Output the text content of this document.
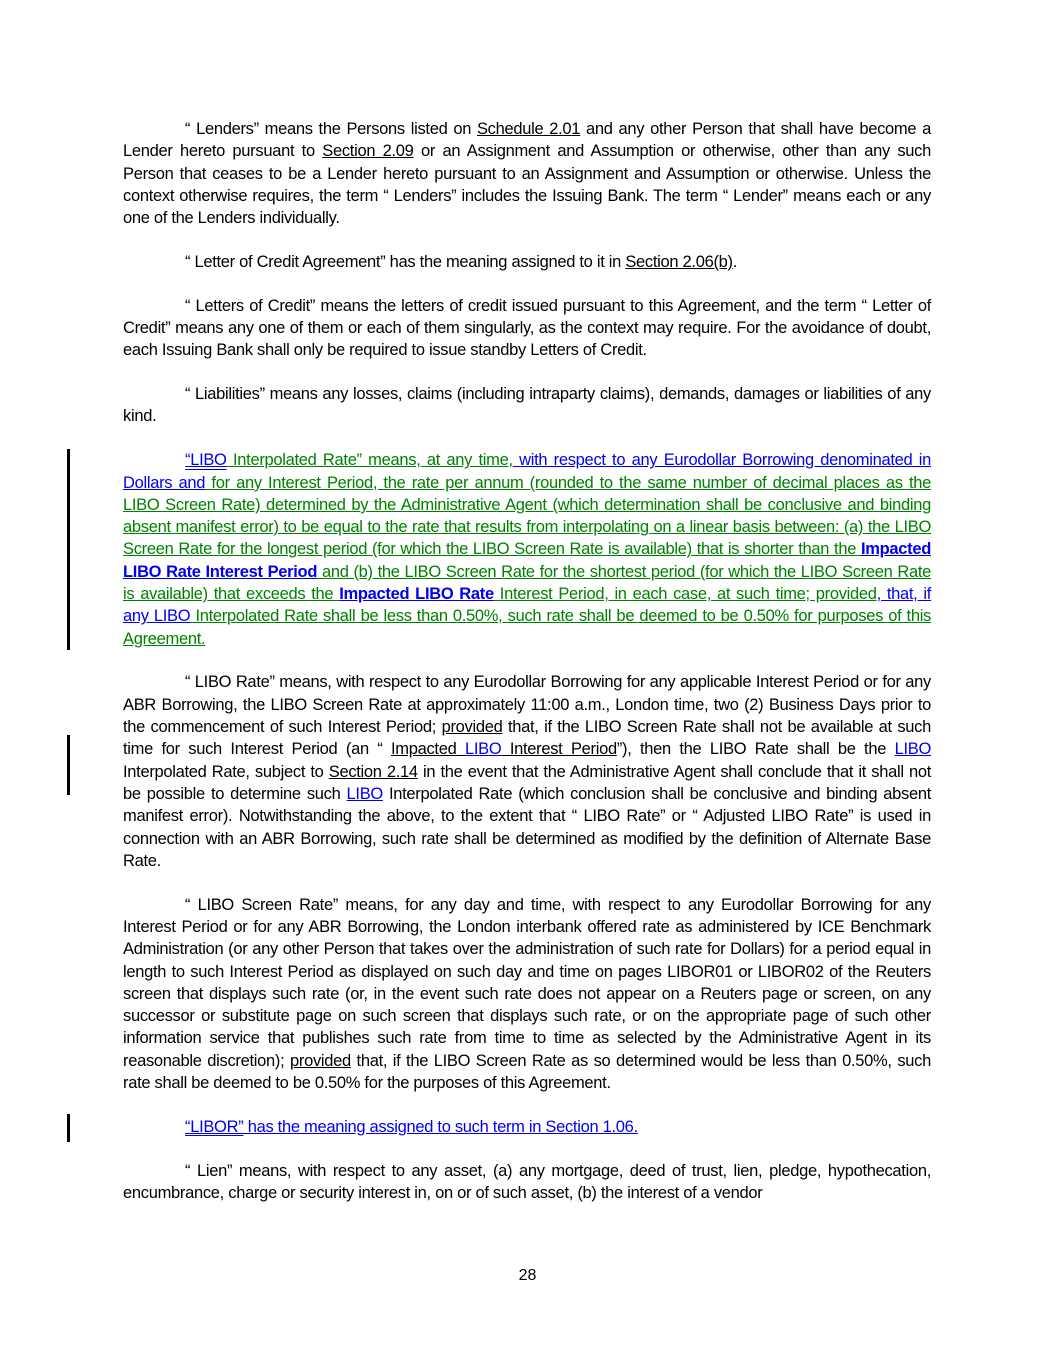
“ Lenders” means the Persons listed on Schedule 2.01 and any other Person that shall have become a Lender hereto pursuant to Section 2.09 or an Assignment and Assumption or otherwise, other than any such Person that ceases to be a Lender hereto pursuant to an Assignment and Assumption or otherwise. Unless the context otherwise requires, the term “ Lenders” includes the Issuing Bank. The term “ Lender” means each or any one of the Lenders individually.

“ Letter of Credit Agreement” has the meaning assigned to it in Section 2.06(b).

“ Letters of Credit” means the letters of credit issued pursuant to this Agreement, and the term “ Letter of Credit” means any one of them or each of them singularly, as the context may require. For the avoidance of doubt, each Issuing Bank shall only be required to issue standby Letters of Credit.

“ Liabilities” means any losses, claims (including intraparty claims), demands, damages or liabilities of any kind.

“LIBO Interpolated Rate” means, at any time, with respect to any Eurodollar Borrowing denominated in Dollars and for any Interest Period, the rate per annum (rounded to the same number of decimal places as the LIBO Screen Rate) determined by the Administrative Agent (which determination shall be conclusive and binding absent manifest error) to be equal to the rate that results from interpolating on a linear basis between: (a) the LIBO Screen Rate for the longest period (for which the LIBO Screen Rate is available) that is shorter than the Impacted LIBO Rate Interest Period and (b) the LIBO Screen Rate for the shortest period (for which the LIBO Screen Rate is available) that exceeds the Impacted LIBO Rate Interest Period, in each case, at such time; provided, that, if any LIBO Interpolated Rate shall be less than 0.50%, such rate shall be deemed to be 0.50% for purposes of this Agreement.

“ LIBO Rate” means, with respect to any Eurodollar Borrowing for any applicable Interest Period or for any ABR Borrowing, the LIBO Screen Rate at approximately 11:00 a.m., London time, two (2) Business Days prior to the commencement of such Interest Period; provided that, if the LIBO Screen Rate shall not be available at such time for such Interest Period (an “ Impacted LIBO Interest Period”), then the LIBO Rate shall be the LIBO Interpolated Rate, subject to Section 2.14 in the event that the Administrative Agent shall conclude that it shall not be possible to determine such LIBO Interpolated Rate (which conclusion shall be conclusive and binding absent manifest error). Notwithstanding the above, to the extent that “ LIBO Rate” or “ Adjusted LIBO Rate” is used in connection with an ABR Borrowing, such rate shall be determined as modified by the definition of Alternate Base Rate.

“ LIBO Screen Rate” means, for any day and time, with respect to any Eurodollar Borrowing for any Interest Period or for any ABR Borrowing, the London interbank offered rate as administered by ICE Benchmark Administration (or any other Person that takes over the administration of such rate for Dollars) for a period equal in length to such Interest Period as displayed on such day and time on pages LIBOR01 or LIBOR02 of the Reuters screen that displays such rate (or, in the event such rate does not appear on a Reuters page or screen, on any successor or substitute page on such screen that displays such rate, or on the appropriate page of such other information service that publishes such rate from time to time as selected by the Administrative Agent in its reasonable discretion); provided that, if the LIBO Screen Rate as so determined would be less than 0.50%, such rate shall be deemed to be 0.50% for the purposes of this Agreement.

“LIBOR” has the meaning assigned to such term in Section 1.06.

“ Lien” means, with respect to any asset, (a) any mortgage, deed of trust, lien, pledge, hypothecation, encumbrance, charge or security interest in, on or of such asset, (b) the interest of a vendor

28
